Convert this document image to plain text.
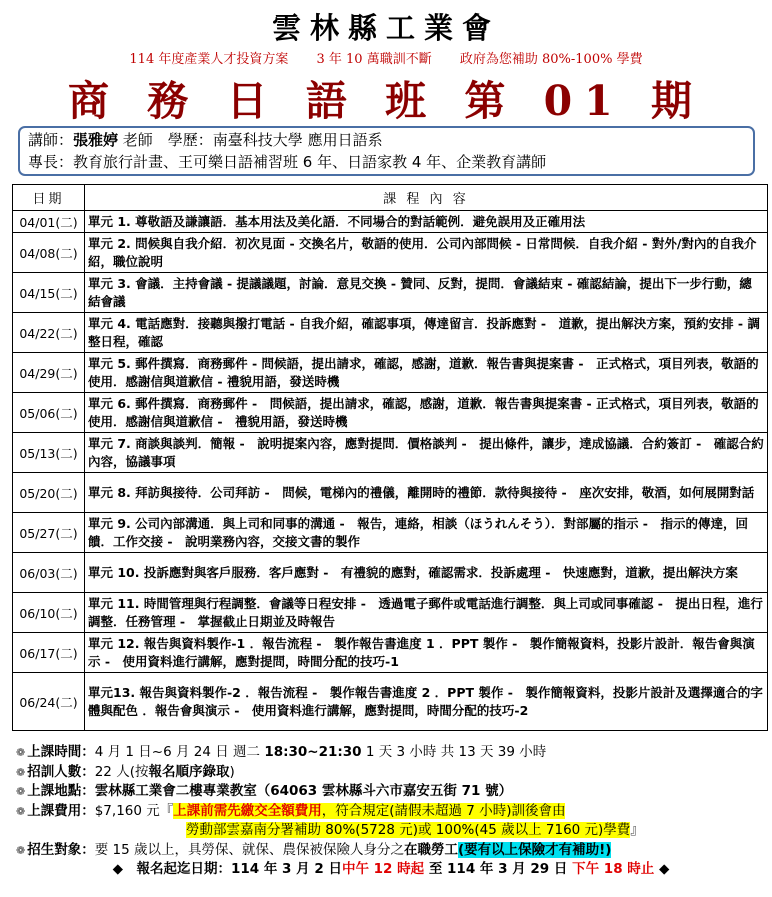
雲林縣工業會
114 年度產業人才投資方案 3 年 10 萬職訓不斷 政府為您補助 80%-100% 學費
商 務 日 語 班 第 01 期
講師：張雅婷 老師　學歷：南臺科技大學 應用日語系
專長：教育旅行計畫、王可樂日語補習班 6 年、日語家教 4 年、企業教育講師
日期	課 程 內 容
04/01(二)	單元 1. 尊敬語及謙讓語．基本用法及美化語．不同場合的對話範例．避免誤用及正確用法
04/08(二)	單元 2. 問候與自我介紹．初次見面 - 交換名片，敬語的使用．公司內部問候 - 日常問候．自我介紹 - 對外/對內的自我介紹，職位說明
04/15(二)	單元 3. 會議．主持會議 - 提議議題，討論．意見交換 - 贊同、反對，提問．會議結束 - 確認結論，提出下一步行動，總結會議
04/22(二)	單元 4. 電話應對．接聽與撥打電話 - 自我介紹，確認事項，傳達留言．投訴應對 -　道歉，提出解決方案，預約安排 - 調整日程，確認
04/29(二)	單元 5. 郵件撰寫．商務郵件 - 問候語，提出請求，確認，感謝，道歉．報告書與提案書 -　正式格式，項目列表，敬語的使用．感謝信與道歉信 - 禮貌用語，發送時機
05/06(二)	單元 6. 郵件撰寫．商務郵件 -　問候語，提出請求，確認，感謝，道歉．報告書與提案書 - 正式格式，項目列表，敬語的使用．感謝信與道歉信 -　禮貌用語，發送時機
05/13(二)	單元 7. 商談與談判．簡報 -　說明提案內容，應對提問．價格談判 -　提出條件，讓步，達成協議．合約簽訂 -　確認合約內容，協議事項
05/20(二)	單元 8. 拜訪與接待．公司拜訪 -　問候，電梯內的禮儀，離開時的禮節．款待與接待 -　座次安排，敬酒，如何展開對話
05/27(二)	單元 9. 公司內部溝通．與上司和同事的溝通 -　報告，連絡，相談（ほうれんそう）．對部屬的指示 -　指示的傳達，回饋．工作交接 -　說明業務內容，交接文書的製作
06/03(二)	單元 10. 投訴應對與客戶服務．客戶應對 -　有禮貌的應對，確認需求．投訴處理 -　快速應對，道歉，提出解決方案
06/10(二)	單元 11. 時間管理與行程調整．會議等日程安排 -　透過電子郵件或電話進行調整．與上司或同事確認 -　提出日程，進行調整．任務管理 -　掌握截止日期並及時報告
06/17(二)	單元 12. 報告與資料製作-1 ．報告流程 -　製作報告書進度 1 ．PPT 製作 -　製作簡報資料，投影片設計．報告會與演示 -　使用資料進行講解，應對提問，時間分配的技巧-1
06/24(二)	單元13. 報告與資料製作-2 ．報告流程 -　製作報告書進度 2 ．PPT 製作 -　製作簡報資料，投影片設計及選擇適合的字體與配色 ．報告會與演示 -　使用資料進行講解，應對提問，時間分配的技巧-2
❁ 上課時間：4 月 1 日~6 月 24 日 週二 18:30~21:30 1 天 3 小時 共 13 天 39 小時
❁ 招訓人數：22 人(按報名順序錄取)
❁ 上課地點：雲林縣工業會二樓專業教室（64063 雲林縣斗六市嘉安五街 71 號）
❁ 上課費用：$7,160 元『上課前需先繳交全額費用，符合規定(請假未超過 7 小時)訓後會由
勞動部雲嘉南分署補助 80%(5728 元)或 100%(45 歲以上 7160 元)學費』
❁ 招生對象：要 15 歲以上，具勞保、就保、農保被保險人身分之在職勞工(要有以上保險才有補助!)
◆　報名起迄日期：114 年 3 月 2 日中午 12 時起 至 114 年 3 月 29 日 下午 18 時止 ◆
